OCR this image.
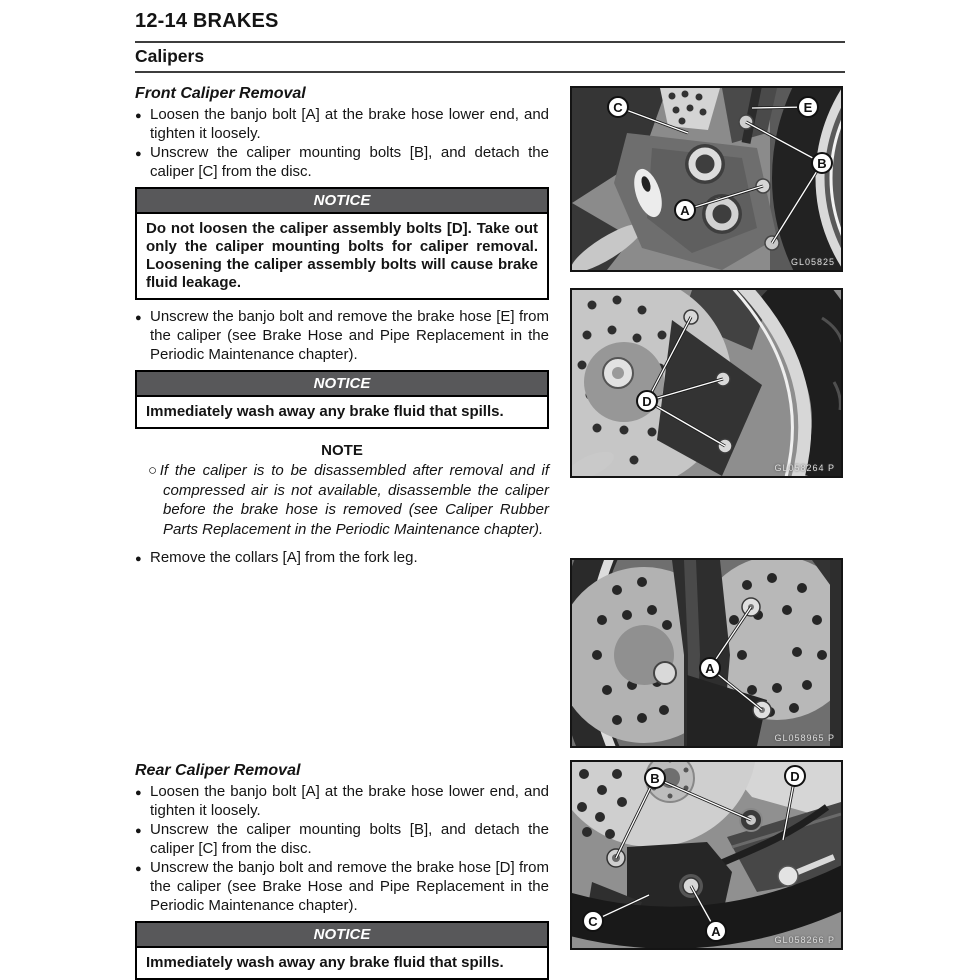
12-14 BRAKES
Calipers
Front Caliper Removal
● Loosen the banjo bolt [A] at the brake hose lower end, and tighten it loosely.
● Unscrew the caliper mounting bolts [B], and detach the caliper [C] from the disc.
NOTICE
Do not loosen the caliper assembly bolts [D]. Take out only the caliper mounting bolts for caliper removal. Loosening the caliper assembly bolts will cause brake fluid leakage.
● Unscrew the banjo bolt and remove the brake hose [E] from the caliper (see Brake Hose and Pipe Replacement in the Periodic Maintenance chapter).
NOTICE
Immediately wash away any brake fluid that spills.
NOTE
○If the caliper is to be disassembled after removal and if compressed air is not available, disassemble the caliper before the brake hose is removed (see Caliper Rubber Parts Replacement in the Periodic Maintenance chapter).
● Remove the collars [A] from the fork leg.
Rear Caliper Removal
● Loosen the banjo bolt [A] at the brake hose lower end, and tighten it loosely.
● Unscrew the caliper mounting bolts [B], and detach the caliper [C] from the disc.
● Unscrew the banjo bolt and remove the brake hose [D] from the caliper (see Brake Hose and Pipe Replacement in the Periodic Maintenance chapter).
NOTICE
Immediately wash away any brake fluid that spills.
C	E
B
A
GL05825
D
GL058264 P
A
GL058965 P
B	D
C
A
GL058266 P
